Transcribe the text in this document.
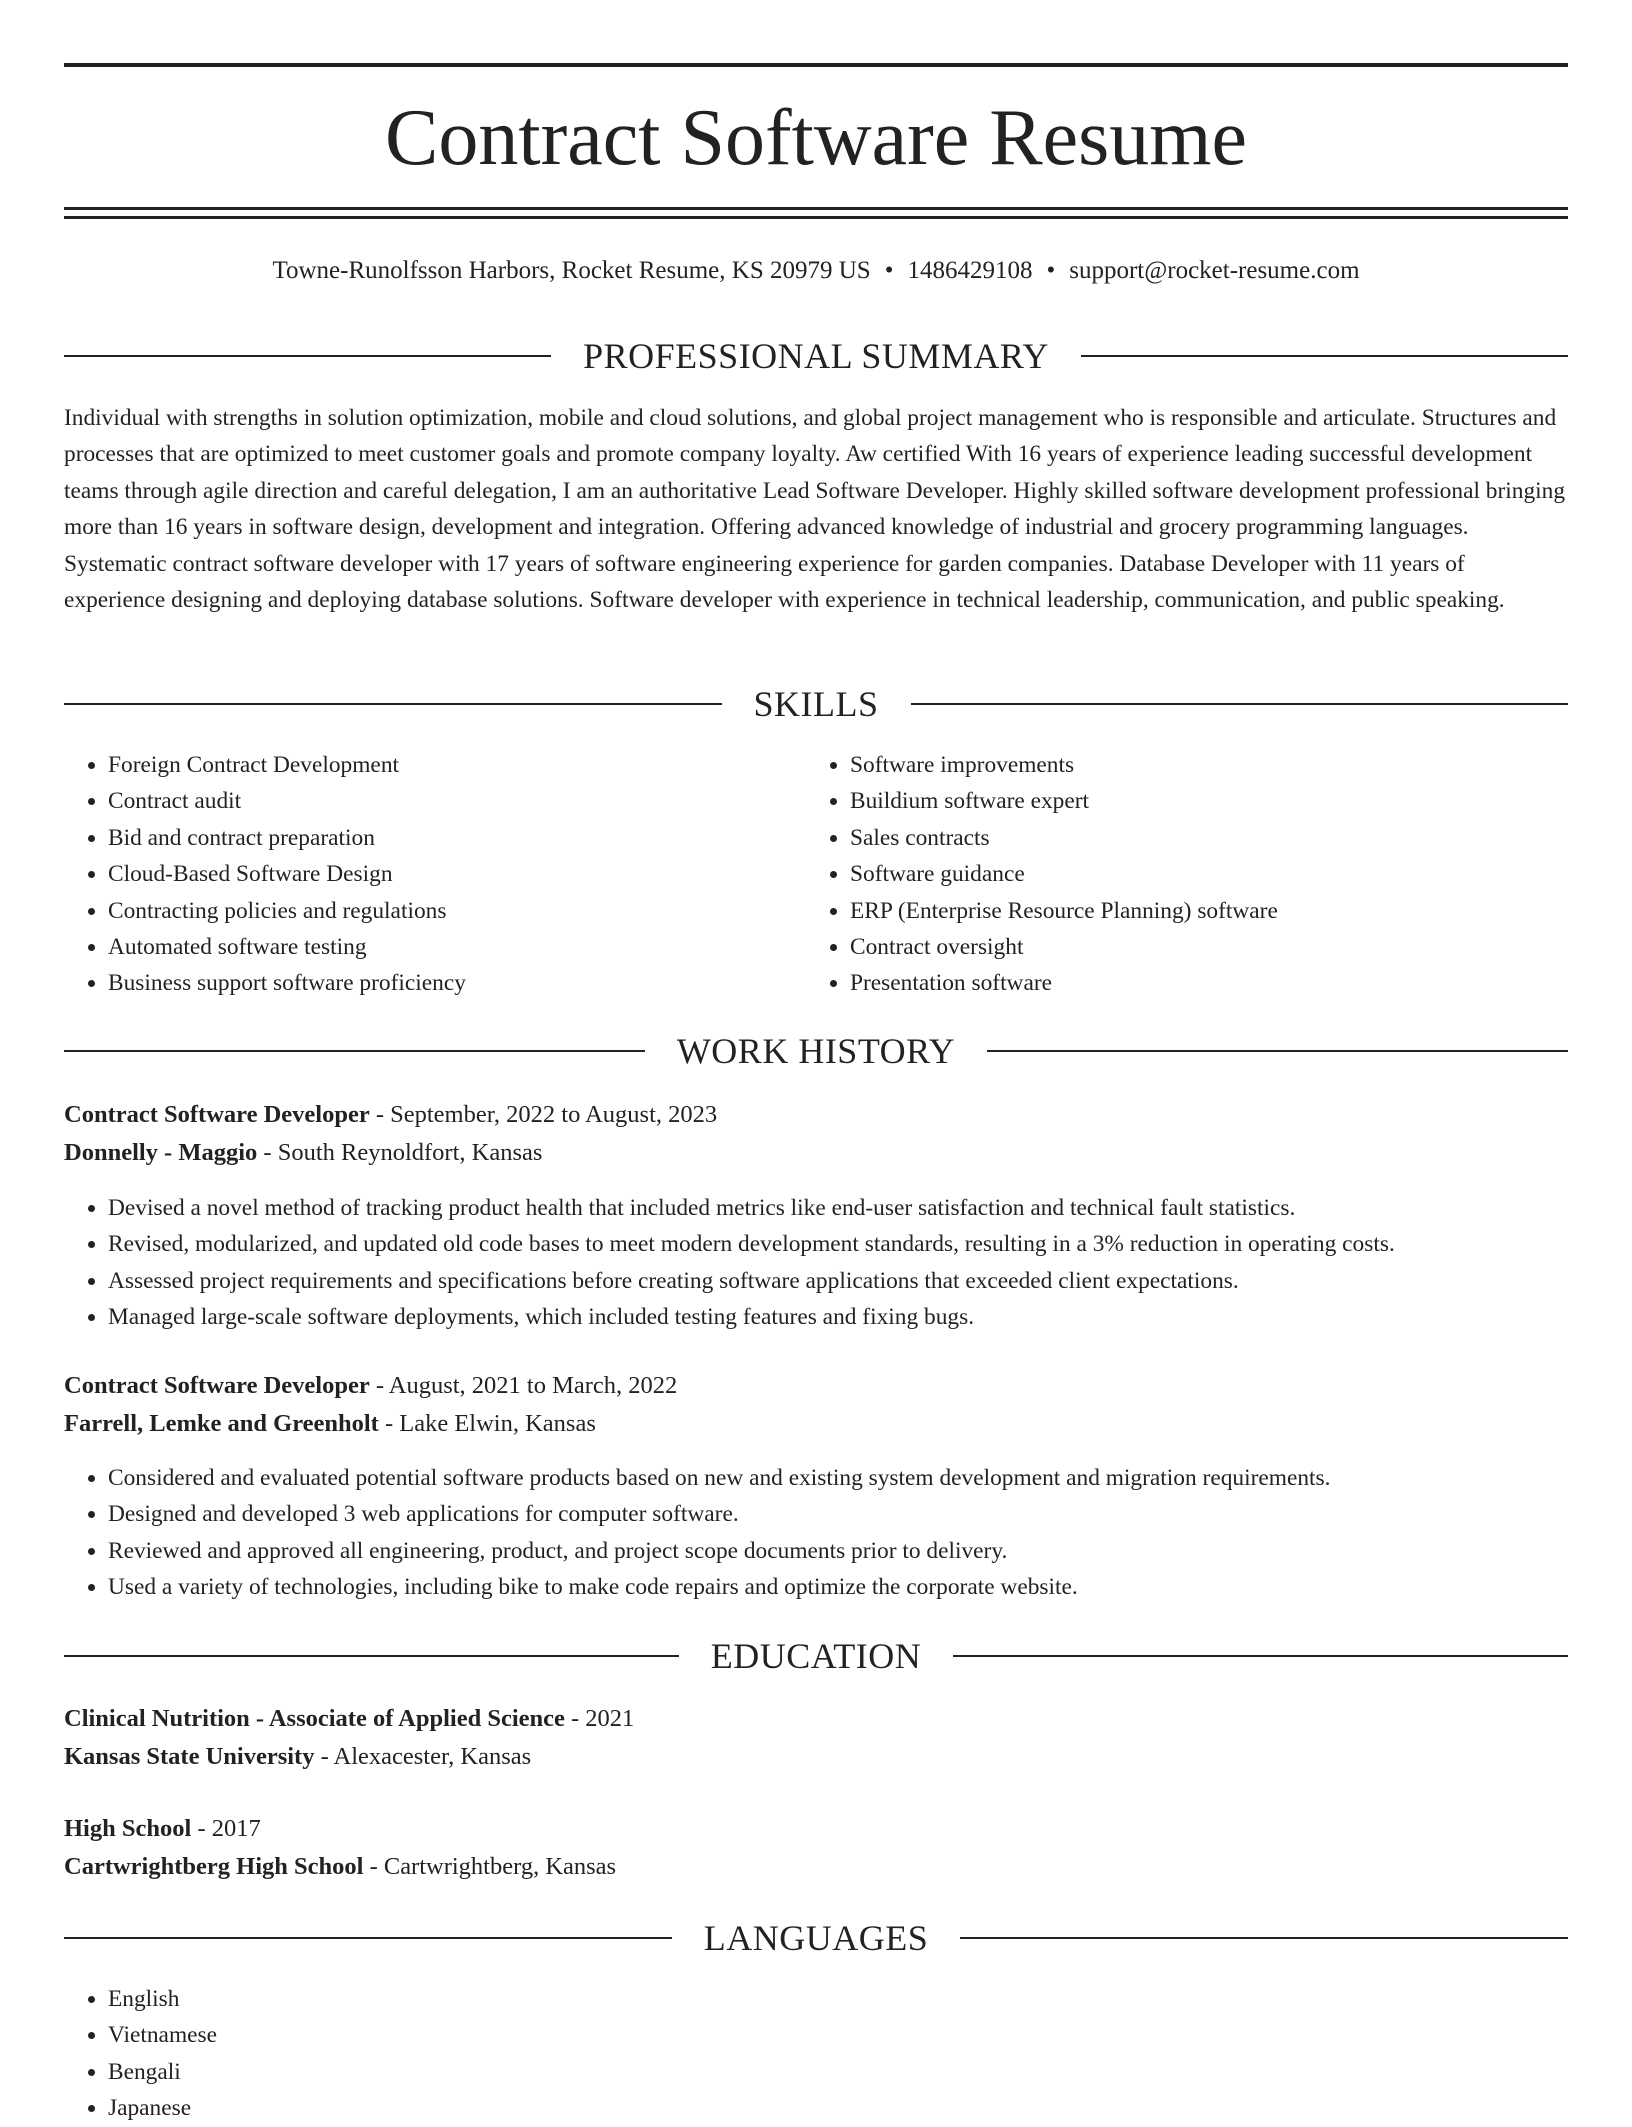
Contract Software Resume
Towne-Runolfsson Harbors, Rocket Resume, KS 20979 US • 1486429108 • support@rocket-resume.com
PROFESSIONAL SUMMARY

Individual with strengths in solution optimization, mobile and cloud solutions, and global project management who is responsible and articulate. Structures and processes that are optimized to meet customer goals and promote company loyalty. Aw certified With 16 years of experience leading successful development teams through agile direction and careful delegation, I am an authoritative Lead Software Developer. Highly skilled software development professional bringing more than 16 years in software design, development and integration. Offering advanced knowledge of industrial and grocery programming languages. Systematic contract software developer with 17 years of software engineering experience for garden companies. Database Developer with 11 years of experience designing and deploying database solutions. Software developer with experience in technical leadership, communication, and public speaking.

SKILLS
• Foreign Contract Development
• Contract audit
• Bid and contract preparation
• Cloud-Based Software Design
• Contracting policies and regulations
• Automated software testing
• Business support software proficiency
• Software improvements
• Buildium software expert
• Sales contracts
• Software guidance
• ERP (Enterprise Resource Planning) software
• Contract oversight
• Presentation software
WORK HISTORY
Contract Software Developer - September, 2022 to August, 2023
Donnelly - Maggio - South Reynoldfort, Kansas
• Devised a novel method of tracking product health that included metrics like end-user satisfaction and technical fault statistics.
• Revised, modularized, and updated old code bases to meet modern development standards, resulting in a 3% reduction in operating costs.
• Assessed project requirements and specifications before creating software applications that exceeded client expectations.
• Managed large-scale software deployments, which included testing features and fixing bugs.
Contract Software Developer - August, 2021 to March, 2022
Farrell, Lemke and Greenholt - Lake Elwin, Kansas
• Considered and evaluated potential software products based on new and existing system development and migration requirements.
• Designed and developed 3 web applications for computer software.
• Reviewed and approved all engineering, product, and project scope documents prior to delivery.
• Used a variety of technologies, including bike to make code repairs and optimize the corporate website.
EDUCATION
Clinical Nutrition - Associate of Applied Science - 2021
Kansas State University - Alexacester, Kansas
High School - 2017
Cartwrightberg High School - Cartwrightberg, Kansas
LANGUAGES
• English
• Vietnamese
• Bengali
• Japanese
